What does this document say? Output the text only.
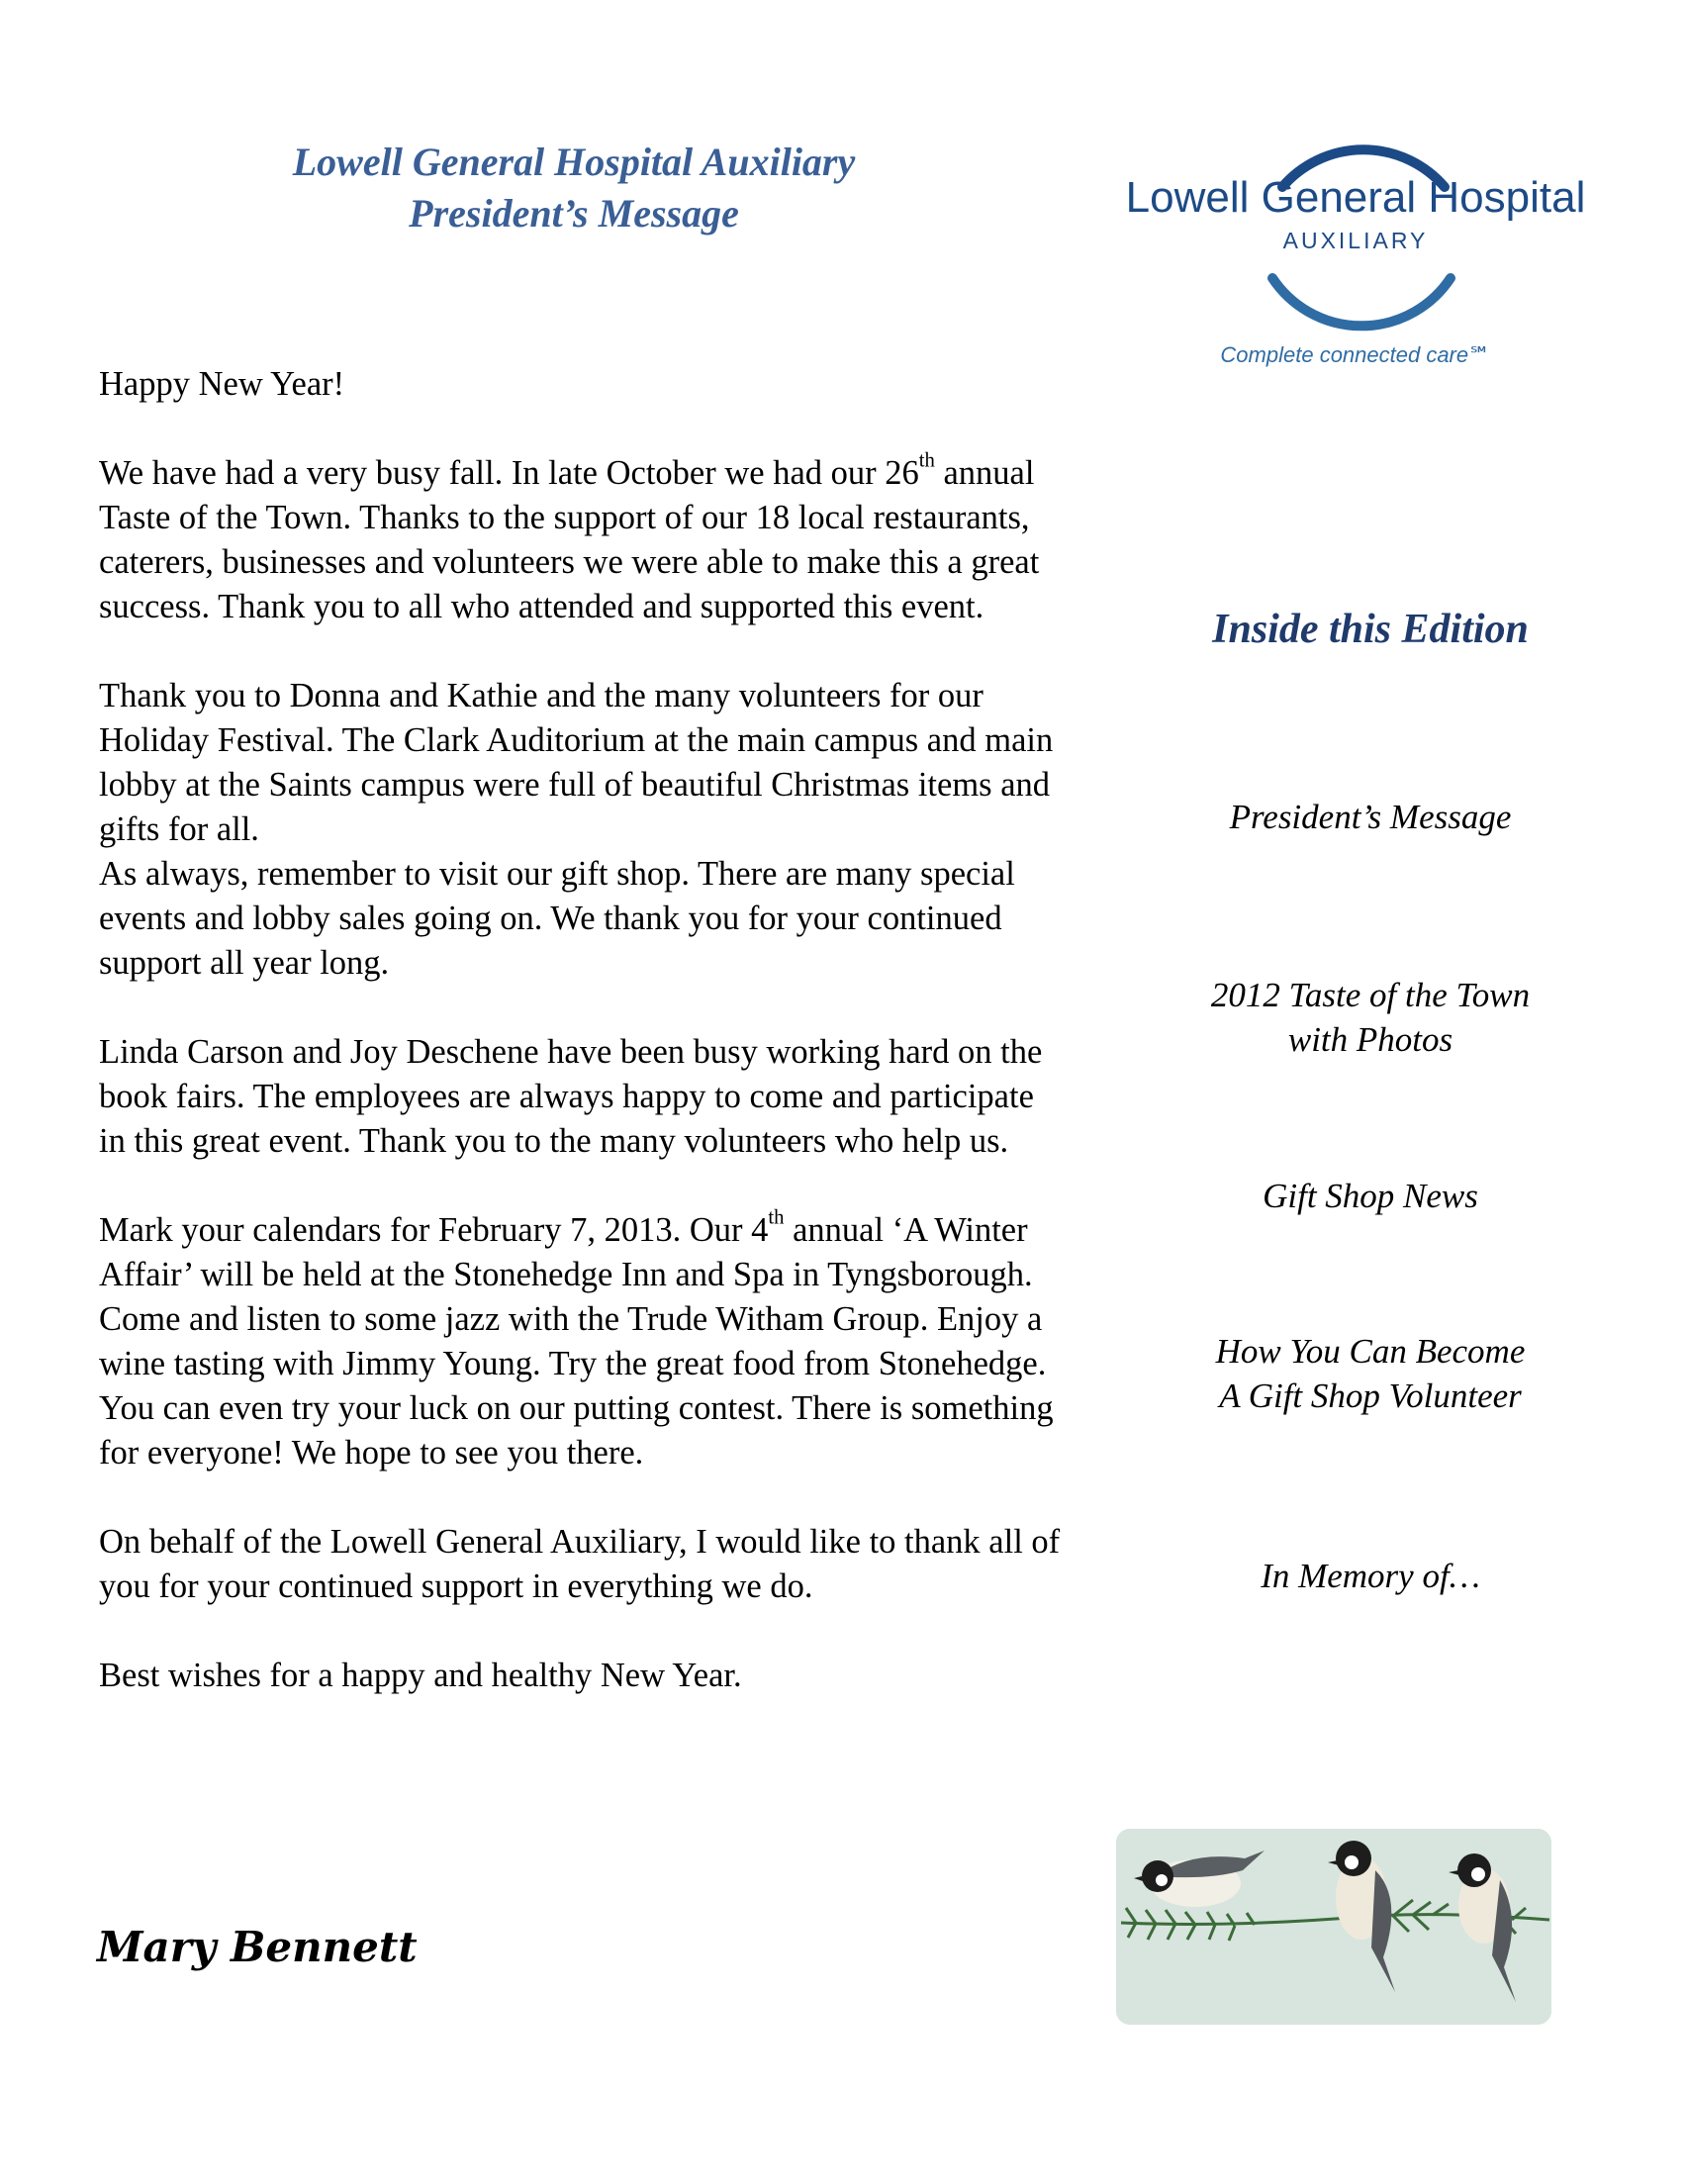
Lowell General Hospital Auxiliary
President’s Message	Lowell General Hospital
AUXILIARY
Complete connected care℠

Happy New Year!

We have had a very busy fall. In late October we had our 26th annual Taste of the Town. Thanks to the support of our 18 local restaurants, caterers, businesses and volunteers we were able to make this a great success. Thank you to all who attended and supported this event.

Thank you to Donna and Kathie and the many volunteers for our Holiday Festival. The Clark Auditorium at the main campus and main lobby at the Saints campus were full of beautiful Christmas items and gifts for all.

As always, remember to visit our gift shop. There are many special events and lobby sales going on. We thank you for your continued support all year long.

Linda Carson and Joy Deschene have been busy working hard on the book fairs. The employees are always happy to come and participate in this great event. Thank you to the many volunteers who help us.

Mark your calendars for February 7, 2013. Our 4th annual ‘A Winter Affair’ will be held at the Stonehedge Inn and Spa in Tyngsborough. Come and listen to some jazz with the Trude Witham Group. Enjoy a wine tasting with Jimmy Young. Try the great food from Stonehedge. You can even try your luck on our putting contest. There is something for everyone! We hope to see you there.

On behalf of the Lowell General Auxiliary, I would like to thank all of you for your continued support in everything we do.

Best wishes for a happy and healthy New Year.

Mary Bennett
Inside this Edition
President’s Message
2012 Taste of the Town
with Photos
Gift Shop News
How You Can Become
A Gift Shop Volunteer
In Memory of…
